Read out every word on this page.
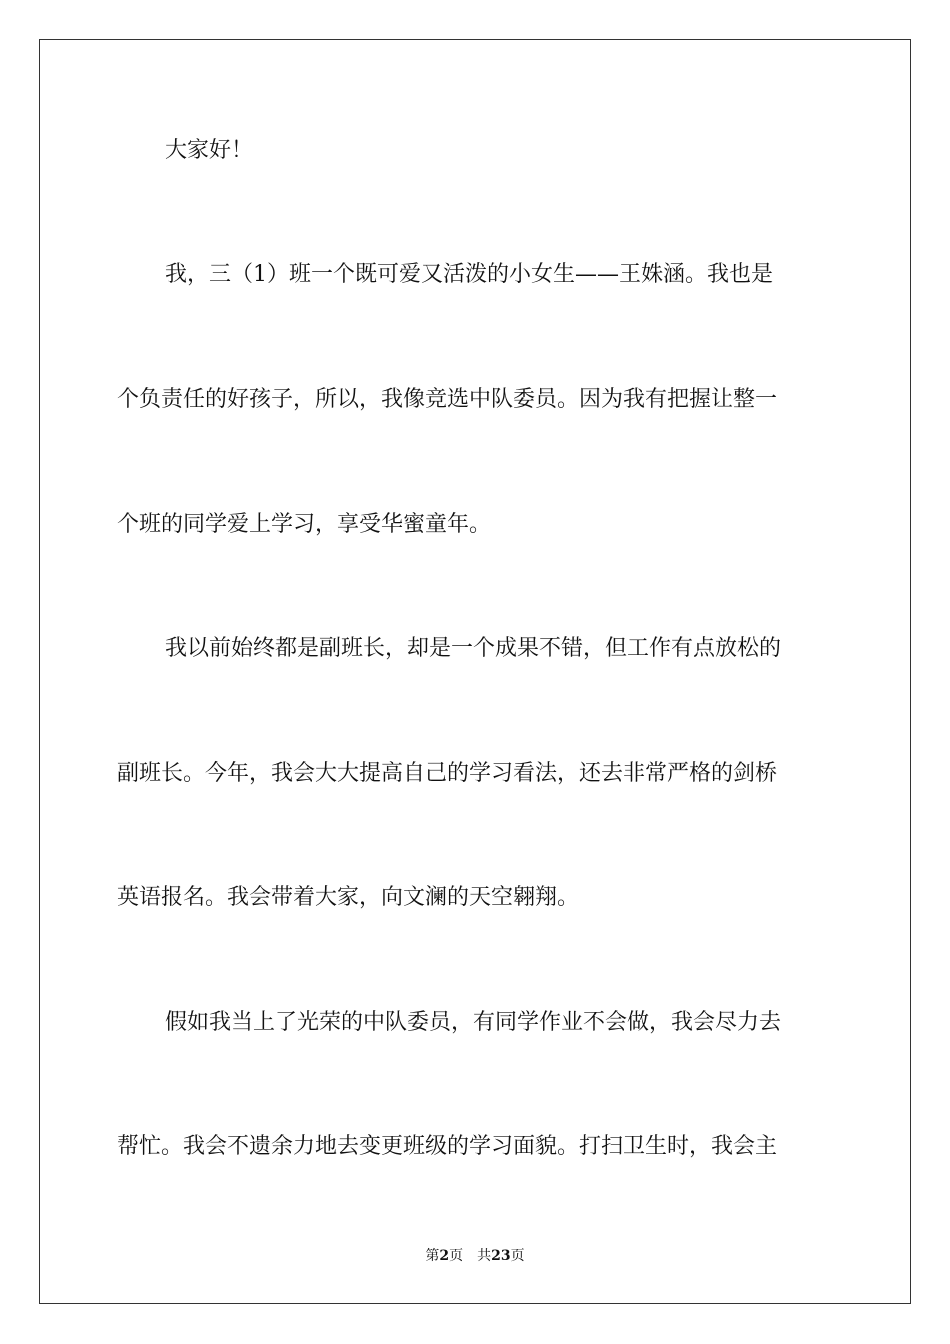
大家好！
我，三（1）班一个既可爱又活泼的小女生——王姝涵。我也是
个负责任的好孩子，所以，我像竞选中队委员。因为我有把握让整一
个班的同学爱上学习，享受华蜜童年。
我以前始终都是副班长，却是一个成果不错，但工作有点放松的
副班长。今年，我会大大提高自己的学习看法，还去非常严格的剑桥
英语报名。我会带着大家，向文澜的天空翱翔。
假如我当上了光荣的中队委员，有同学作业不会做，我会尽力去
帮忙。我会不遗余力地去变更班级的学习面貌。打扫卫生时，我会主
第2页 共23页
